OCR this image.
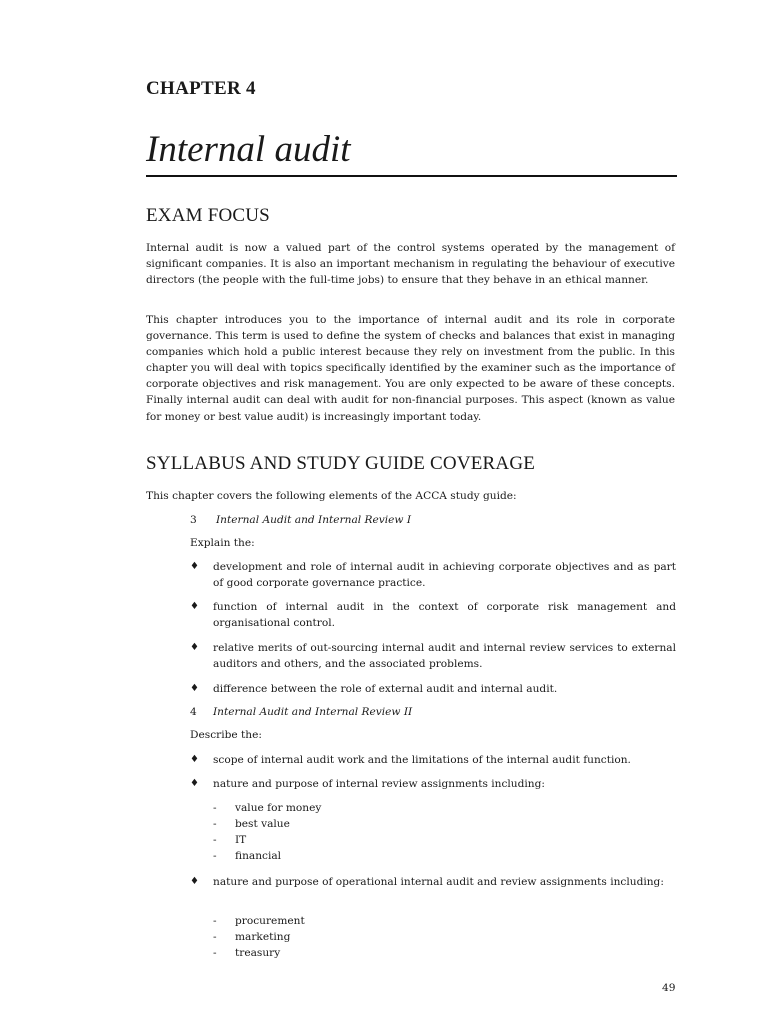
CHAPTER 4
Internal audit
EXAM FOCUS

Internal audit is now a valued part of the control systems operated by the management of significant companies. It is also an important mechanism in regulating the behaviour of executive directors (the people with the full-time jobs) to ensure that they behave in an ethical manner.

This chapter introduces you to the importance of internal audit and its role in corporate governance. This term is used to define the system of checks and balances that exist in managing companies which hold a public interest because they rely on investment from the public. In this chapter you will deal with topics specifically identified by the examiner such as the importance of corporate objectives and risk management. You are only expected to be aware of these concepts. Finally internal audit can deal with audit for non-financial purposes. This aspect (known as value for money or best value audit) is increasingly important today.

SYLLABUS AND STUDY GUIDE COVERAGE
This chapter covers the following elements of the ACCA study guide:
3 Internal Audit and Internal Review I
Explain the:
♦ development and role of internal audit in achieving corporate objectives and as part of good corporate governance practice.
♦ function of internal audit in the context of corporate risk management and organisational control.
♦ relative merits of out-sourcing internal audit and internal review services to external auditors and others, and the associated problems.
♦ difference between the role of external audit and internal audit.
4 Internal Audit and Internal Review II
Describe the:
♦ scope of internal audit work and the limitations of the internal audit function.
♦ nature and purpose of internal review assignments including:
- value for money
- best value
- IT
- financial
♦ nature and purpose of operational internal audit and review assignments including:
- procurement
- marketing
- treasury
49
